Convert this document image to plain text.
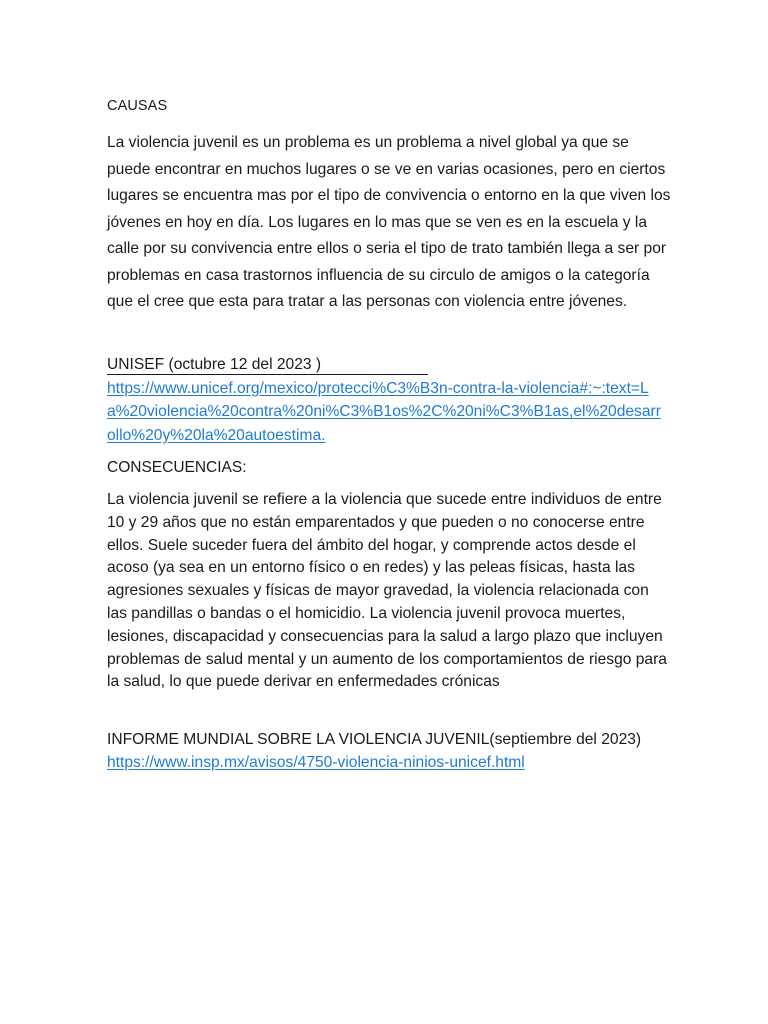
CAUSAS

La violencia juvenil es un problema es un problema a nivel global ya que se puede encontrar en muchos lugares o se ve en varias ocasiones, pero en ciertos lugares se encuentra mas por el tipo de convivencia o entorno en la que viven los jóvenes en hoy en día. Los lugares en lo mas que se ven es en la escuela y la calle por su convivencia entre ellos o seria el tipo de trato también llega a ser por problemas en casa trastornos influencia de su circulo de amigos o la categoría que el cree que esta para tratar a las personas con violencia entre jóvenes.

UNISEF (octubre 12 del 2023 )
https://www.unicef.org/mexico/protecci%C3%B3n-contra-la-violencia#:~:text=La%20violencia%20contra%20ni%C3%B1os%2C%20ni%C3%B1as,el%20desarrollo%20y%20la%20autoestima.

CONSECUENCIAS:

La violencia juvenil se refiere a la violencia que sucede entre individuos de entre 10 y 29 años que no están emparentados y que pueden o no conocerse entre ellos. Suele suceder fuera del ámbito del hogar, y comprende actos desde el acoso (ya sea en un entorno físico o en redes) y las peleas físicas, hasta las agresiones sexuales y físicas de mayor gravedad, la violencia relacionada con las pandillas o bandas o el homicidio. La violencia juvenil provoca muertes, lesiones, discapacidad y consecuencias para la salud a largo plazo que incluyen problemas de salud mental y un aumento de los comportamientos de riesgo para la salud, lo que puede derivar en enfermedades crónicas

INFORME MUNDIAL SOBRE LA VIOLENCIA JUVENIL(septiembre del 2023)
https://www.insp.mx/avisos/4750-violencia-ninios-unicef.html
